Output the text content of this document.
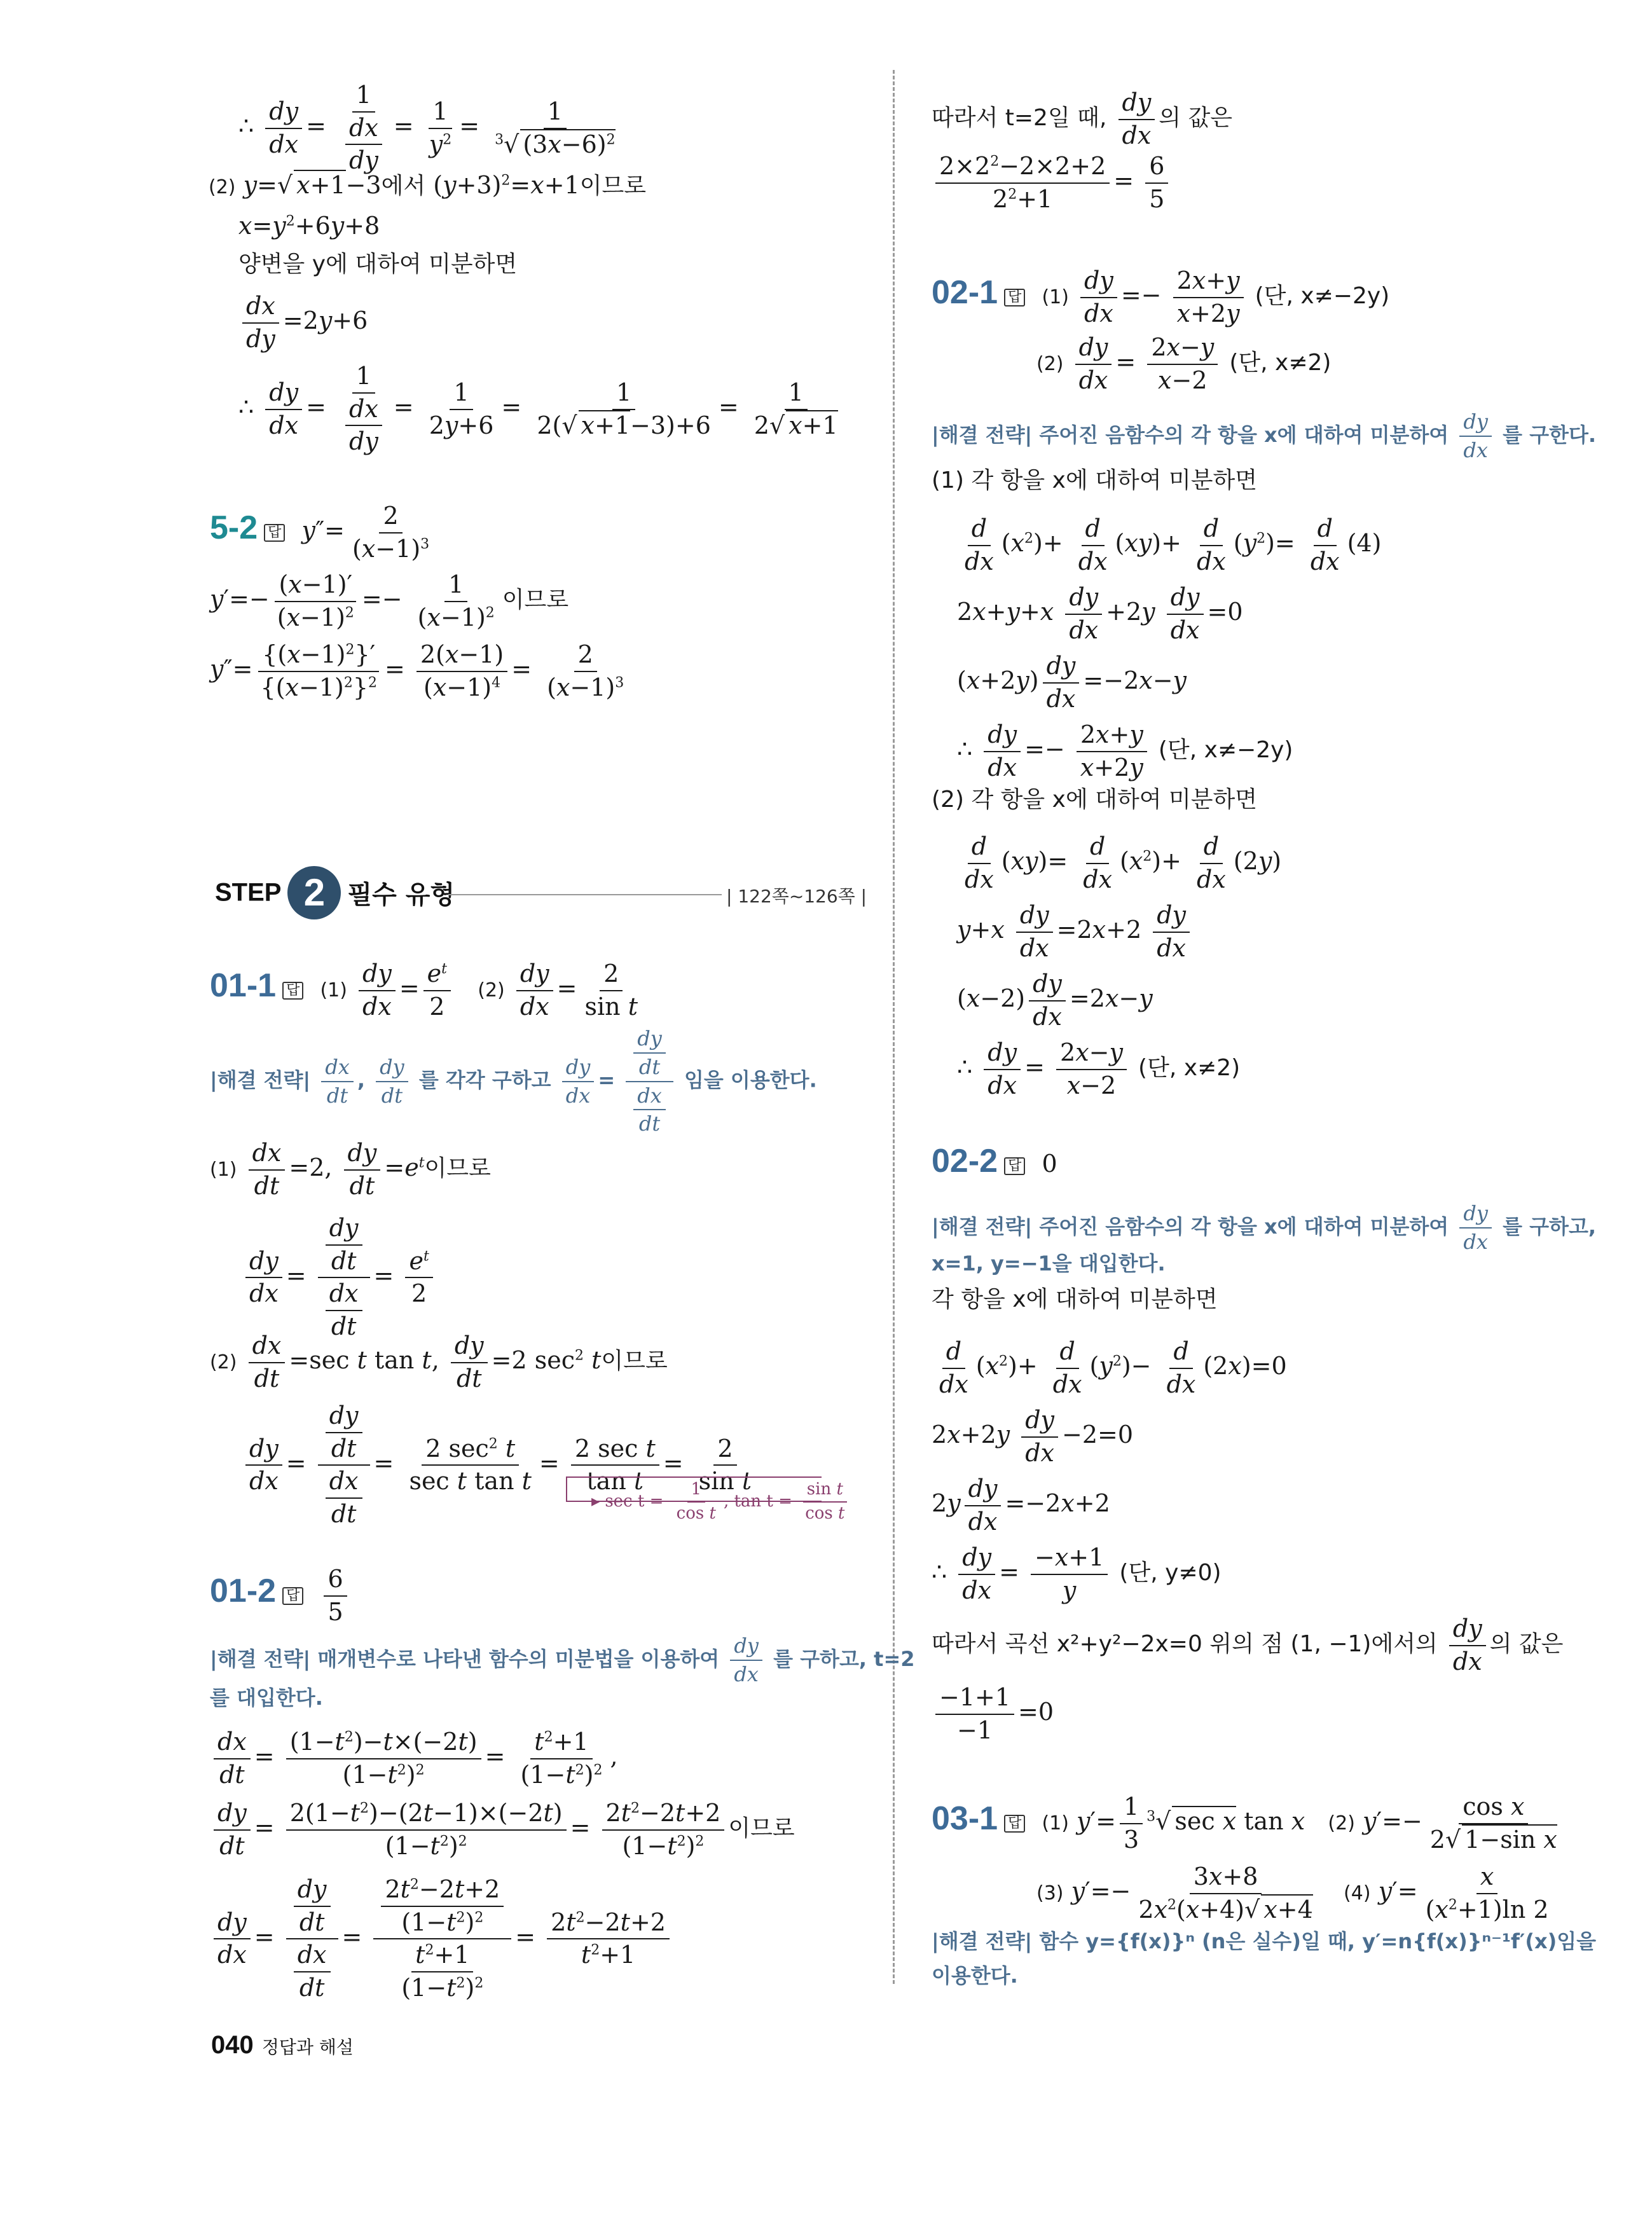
∴ $\frac{dy}{dx} = \frac{1}{\frac{dx}{dy}} = \frac{1}{y^2} = \frac{1}{^3√ (3x-6)^2}$
(2) y=√ x+1−3에서 $(y+3)^2=x+1$이므로
$x=y^2+6y+8$
양변을 y에 대하여 미분하면
$\frac{dx}{dy} =2y+6$
∴ $\frac{dy}{dx} = \frac{1}{\frac{dx}{dy}} = \frac{1}{2y+6} = \frac{1}{2(√ x+1-3)+6} = \frac{1}{2√ x+1}$
5-2 답 $y''= \frac{2}{(x-1)^3}$
$y'=- \frac{(x-1)'}{(x-1)^2} =- \frac{1}{(x-1)^2}$ 이므로
$y''= \frac{\{(x-1)^2\}'}{\{(x-1)^2\}^2} = \frac{2(x-1)}{(x-1)^4} = \frac{2}{(x-1)^3}$
STEP 2 필수 유형	| 122쪽~126쪽 |
01-1 답 $(1) \frac{dy}{dx} = \frac{e^t}{2} (2) \frac{dy}{dx} = \frac{2}{\text{sin t}}$
|해결 전략| $\frac{dx}{dt}$ , $\frac{dy}{dt}$ 를 각각 구하고 $\frac{dy}{dx} = \frac{\frac{dy}{dt}}{\frac{dx}{dt}}$ 임을 이용한다.
$(1) \frac{dx}{dt} =2$, $\frac{dy}{dt} =e^t$이므로
$\frac{dy}{dx} = \frac{\frac{dy}{dt}}{\frac{dx}{dt}} = \frac{e^t}{2}$
$(2) \frac{dx}{dt} =\sec$ t tan t, $\frac{dy}{dt} =2$ $\sec^2 t$이므로
$\frac{dy}{dx} = \frac{\frac{dy}{dt}}{\frac{dx}{dt}} = \frac{2 \sec^2 t}{\text{sec t tan t}} = \frac{\text{2 sec t}}{\text{tan t}} = \frac{2}{\text{sin t}}$
▸ $\sec t = \frac{1}{\text{cos t}}$ , $\tan t = \frac{\text{sin t}}{\text{cos t}}$
01-2 답 $\frac{6}{5}$
|해결 전략| 매개변수로 나타낸 함수의 미분법을 이용하여 $\frac{dy}{dx}$ 를 구하고, t=2
를 대입한다.
$\frac{dx}{dt} = \frac{(1-t^2)-t\times(-2t)}{(1-t^2)^2} = \frac{t^2+1}{(1-t^2)^2}$ ,
$\frac{dy}{dt} = \frac{2(1-t^2)-(2t-1)\times(-2t)}{(1-t^2)^2} = \frac{2t^2-2t+2}{(1-t^2)^2}$ 이므로
$\frac{dy}{dx} = \frac{\frac{dy}{dt}}{\frac{dx}{dt}} = \frac{\frac{2t^2-2t+2}{(1-t^2)^2}}{\frac{t^2+1}{(1-t^2)^2}} = \frac{2t^2-2t+2}{t^2+1}$
따라서 t=2일 때, $\frac{dy}{dx}$ 의 값은
$\frac{2\times 2^2-2\times 2+2}{2^2+1} = \frac{6}{5}$
02-1 답 $(1) \frac{dy}{dx} =- \frac{2x+y}{x+2y}$ (단, x≠−2y)
$(2) \frac{dy}{dx} = \frac{2x-y}{x-2}$ (단, x≠2)
|해결 전략| 주어진 음함수의 각 항을 x에 대하여 미분하여 $\frac{dy}{dx}$ 를 구한다.
(1) 각 항을 x에 대하여 미분하면
$\frac{d}{dx} (x^2)+ \frac{d}{dx} (xy)+ \frac{d}{dx} (y^2)= \frac{d}{dx} (4)$
$2x+y+x \frac{dy}{dx} +2y \frac{dy}{dx} =0$
$(x+2y) \frac{dy}{dx} =-2x-y$
∴ $\frac{dy}{dx} =- \frac{2x+y}{x+2y}$ (단, x≠−2y)
(2) 각 항을 x에 대하여 미분하면
$\frac{d}{dx} (xy)= \frac{d}{dx} (x^2)+ \frac{d}{dx} (2y)$
$y+x \frac{dy}{dx} =2x+2 \frac{dy}{dx}$
$(x-2) \frac{dy}{dx} =2x-y$
∴ $\frac{dy}{dx} = \frac{2x-y}{x-2}$ (단, x≠2)
02-2 답 0
|해결 전략| 주어진 음함수의 각 항을 x에 대하여 미분하여 $\frac{dy}{dx}$ 를 구하고,
x=1, y=−1을 대입한다.
각 항을 x에 대하여 미분하면
$\frac{d}{dx} (x^2)+ \frac{d}{dx} (y^2)- \frac{d}{dx} (2x)=0$
$2x+2y \frac{dy}{dx} -2=0$
$2y \frac{dy}{dx} =-2x+2$
∴ $\frac{dy}{dx} = \frac{-x+1}{y}$ (단, y≠0)
따라서 곡선 x²+y²−2x=0 위의 점 (1, −1)에서의 $\frac{dy}{dx}$ 의 값은
$\frac{-1+1}{-1} =0$
03-1 답 (1) $y'= \frac{1}{3} ^3√$ sec x tan x (2) $y'=- \frac{\text{cos x}}{\text{2√ 1−sin x}}$
(3) $y'=- \frac{3x+8}{2x^2(x+4)√ x+4} (4)$ $y'= \frac{x}{(x^2+1)\ln 2}$
|해결 전략| 함수 y={f(x)}ⁿ (n은 실수)일 때, y′=n{f(x)}ⁿ⁻¹f′(x)임을
이용한다.
040 정답과 해설
